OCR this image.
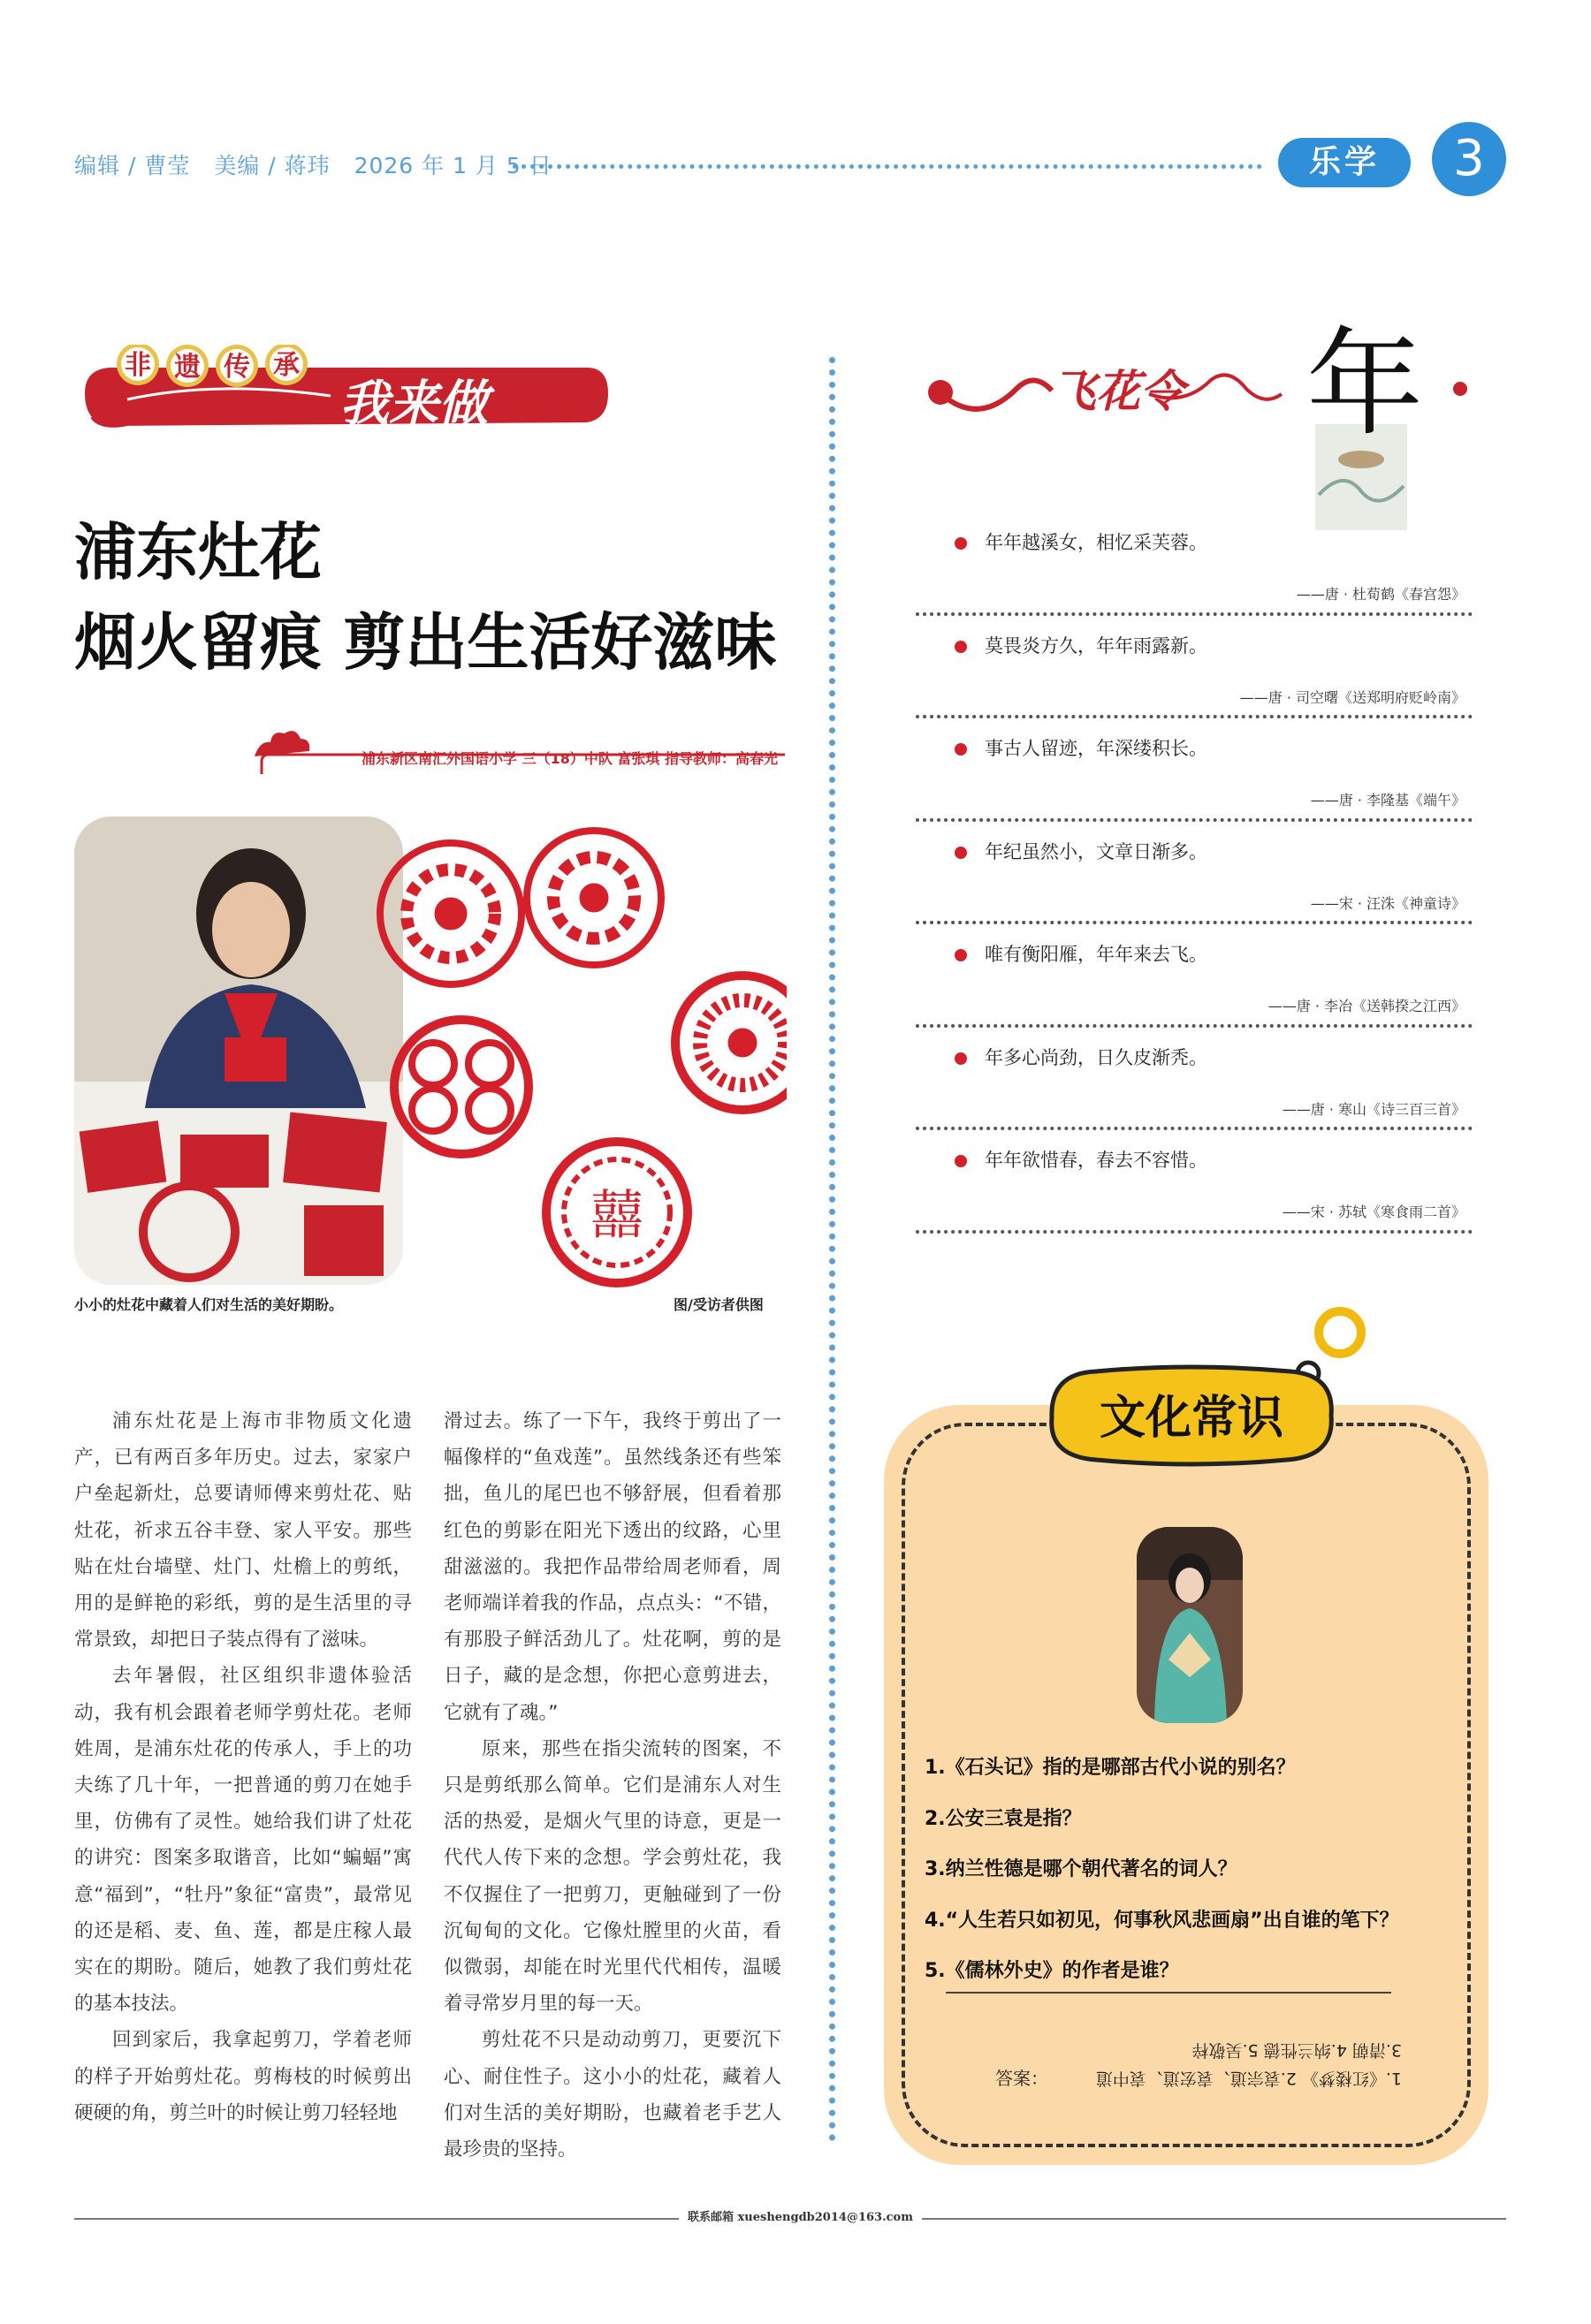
编辑 / 曹莹 美编 / 蒋玮 2026 年 1 月 5 日	乐学	3
非 遗 传 承
我来做
浦东灶花
烟火留痕 剪出生活好滋味
浦东新区南汇外国语小学 三（18）中队 富张琪 指导教师：高春光
囍
小小的灶花中藏着人们对生活的美好期盼。	图/受访者供图

浦东灶花是上海市非物质文化遗产，已有两百多年历史。过去，家家户户垒起新灶，总要请师傅来剪灶花、贴灶花，祈求五谷丰登、家人平安。那些贴在灶台墙壁、灶门、灶檐上的剪纸，用的是鲜艳的彩纸，剪的是生活里的寻常景致，却把日子装点得有了滋味。

去年暑假，社区组织非遗体验活动，我有机会跟着老师学剪灶花。老师姓周，是浦东灶花的传承人，手上的功夫练了几十年，一把普通的剪刀在她手里，仿佛有了灵性。她给我们讲了灶花的讲究：图案多取谐音，比如“蝙蝠”寓意“福到”，“牡丹”象征“富贵”，最常见的还是稻、麦、鱼、莲，都是庄稼人最实在的期盼。随后，她教了我们剪灶花的基本技法。

回到家后，我拿起剪刀，学着老师的样子开始剪灶花。剪梅枝的时候剪出硬硬的角，剪兰叶的时候让剪刀轻轻地

滑过去。练了一下午，我终于剪出了一幅像样的“鱼戏莲”。虽然线条还有些笨拙，鱼儿的尾巴也不够舒展，但看着那红色的剪影在阳光下透出的纹路，心里甜滋滋的。我把作品带给周老师看，周老师端详着我的作品，点点头：“不错，有那股子鲜活劲儿了。灶花啊，剪的是日子，藏的是念想，你把心意剪进去，它就有了魂。”

原来，那些在指尖流转的图案，不只是剪纸那么简单。它们是浦东人对生活的热爱，是烟火气里的诗意，更是一代代人传下来的念想。学会剪灶花，我不仅握住了一把剪刀，更触碰到了一份沉甸甸的文化。它像灶膛里的火苗，看似微弱，却能在时光里代代相传，温暖着寻常岁月里的每一天。

剪灶花不只是动动剪刀，更要沉下心、耐住性子。这小小的灶花，藏着人们对生活的美好期盼，也藏着老手艺人最珍贵的坚持。

飞花令 年
年年越溪女，相忆采芙蓉。
——唐 · 杜荀鹤《春宫怨》
莫畏炎方久，年年雨露新。
——唐 · 司空曙《送郑明府贬岭南》
事古人留迹，年深缕积长。
——唐 · 李隆基《端午》
年纪虽然小，文章日渐多。
——宋 · 汪洙《神童诗》
唯有衡阳雁，年年来去飞。
——唐 · 李冶《送韩揆之江西》
年多心尚劲，日久皮渐秃。
——唐 · 寒山《诗三百三首》
年年欲惜春，春去不容惜。
——宋 · 苏轼《寒食雨二首》
文化常识
1.《石头记》指的是哪部古代小说的别名？
2.公安三袁是指？
3.纳兰性德是哪个朝代著名的词人？
4.“人生若只如初见，何事秋风悲画扇”出自谁的笔下？
5.《儒林外史》的作者是谁？
答案：	1.《红楼梦》 2.袁宗道、袁宏道、袁中道
3.清朝 4.纳兰性德 5.吴敬梓
联系邮箱 xueshengdb2014@163.com
